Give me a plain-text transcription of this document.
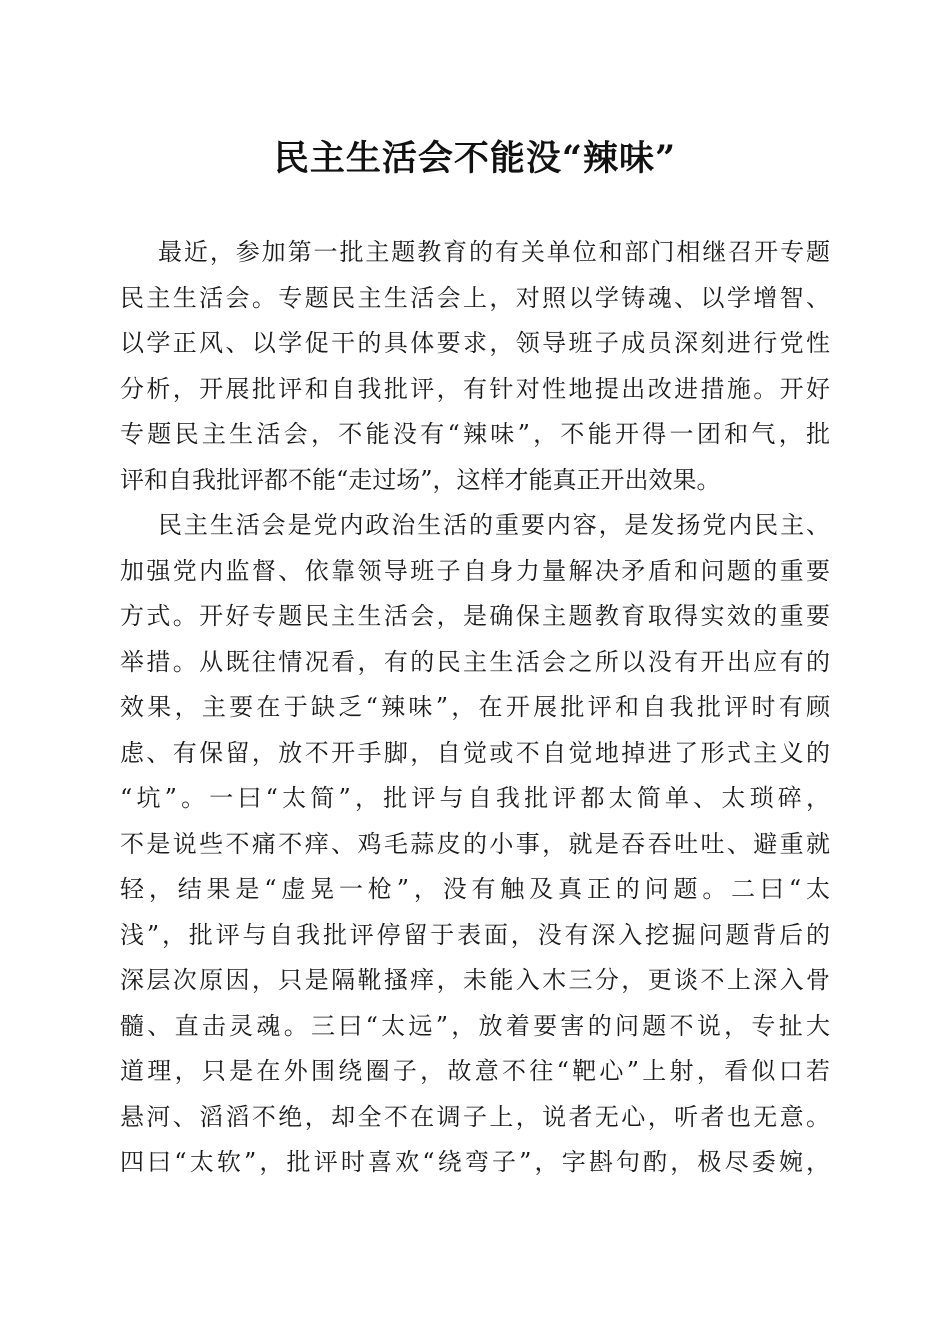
民主生活会不能没“辣味”
最近，参加第一批主题教育的有关单位和部门相继召开专题
民主生活会。专题民主生活会上，对照以学铸魂、以学增智、
以学正风、以学促干的具体要求，领导班子成员深刻进行党性
分析，开展批评和自我批评，有针对性地提出改进措施。开好
专题民主生活会，不能没有“辣味”，不能开得一团和气，批
评和自我批评都不能“走过场”，这样才能真正开出效果。
民主生活会是党内政治生活的重要内容，是发扬党内民主、
加强党内监督、依靠领导班子自身力量解决矛盾和问题的重要
方式。开好专题民主生活会，是确保主题教育取得实效的重要
举措。从既往情况看，有的民主生活会之所以没有开出应有的
效果，主要在于缺乏“辣味”，在开展批评和自我批评时有顾
虑、有保留，放不开手脚，自觉或不自觉地掉进了形式主义的
“坑”。一曰“太简”，批评与自我批评都太简单、太琐碎，
不是说些不痛不痒、鸡毛蒜皮的小事，就是吞吞吐吐、避重就
轻，结果是“虚晃一枪”，没有触及真正的问题。二曰“太
浅”，批评与自我批评停留于表面，没有深入挖掘问题背后的
深层次原因，只是隔靴搔痒，未能入木三分，更谈不上深入骨
髓、直击灵魂。三曰“太远”，放着要害的问题不说，专扯大
道理，只是在外围绕圈子，故意不往“靶心”上射，看似口若
悬河、滔滔不绝，却全不在调子上，说者无心，听者也无意。
四曰“太软”，批评时喜欢“绕弯子”，字斟句酌，极尽委婉，
